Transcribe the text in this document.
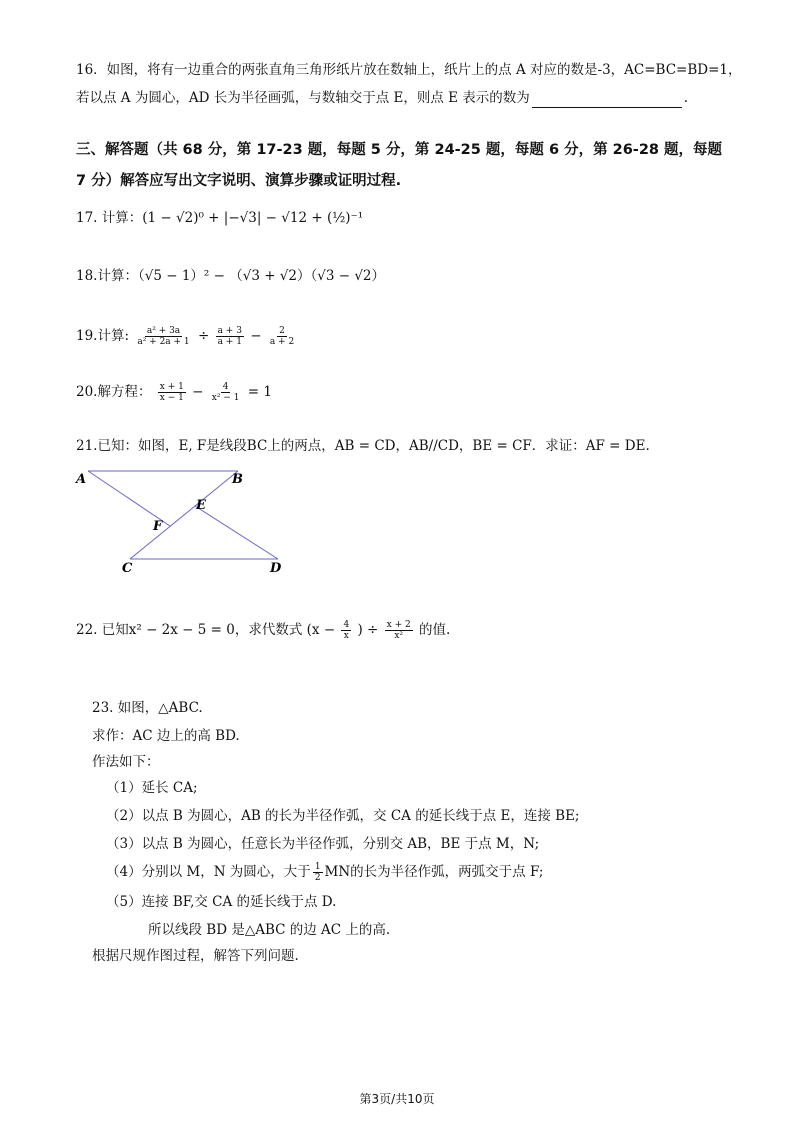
16．如图，将有一边重合的两张直角三角形纸片放在数轴上，纸片上的点 A 对应的数是-3，AC=BC=BD=1，
若以点 A 为圆心，AD 长为半径画弧，与数轴交于点 E，则点 E 表示的数为	.
三、解答题（共 68 分，第 17-23 题，每题 5 分，第 24-25 题，每题 6 分，第 26-28 题，每题
7 分）解答应写出文字说明、演算步骤或证明过程.
17. 计算：(1 − √2)⁰ + |−√3| − √12 + (½)⁻¹
18.计算：（√5 − 1）² − （√3 + √2）（√3 − √2）
19.计算: $\frac{\text{a² + 3a}}{\text{a² + 2a + 1}} \div \frac{a + 3}{a + 1} - \frac{2}{a + 2}$
20.解方程： $\frac{x + 1}{x - 1} - \frac{4}{\text{x² − 1}} = 1$
21.已知：如图，E, F是线段BC上的两点，AB = CD，AB//CD，BE = CF．求证：AF = DE.
A	B
E
F
C	D
22. 已知x² − 2x − 5 = 0，求代数式 ($x - \frac{4}{x}$ ) ÷ $\frac{x + 2}{\text{x²}}$ 的值.
23. 如图，△ABC.
求作：AC 边上的高 BD.
作法如下：
（1）延长 CA;
（2）以点 B 为圆心，AB 的长为半径作弧，交 CA 的延长线于点 E，连接 BE;
（3）以点 B 为圆心，任意长为半径作弧，分别交 AB，BE 于点 M，N;
（4）分别以 M，N 为圆心，大于 $\frac{1}{2}$ MN的长为半径作弧，两弧交于点 F;
（5）连接 BF,交 CA 的延长线于点 D.
所以线段 BD 是△ABC 的边 AC 上的高.
根据尺规作图过程，解答下列问题.
第3页/共10页
